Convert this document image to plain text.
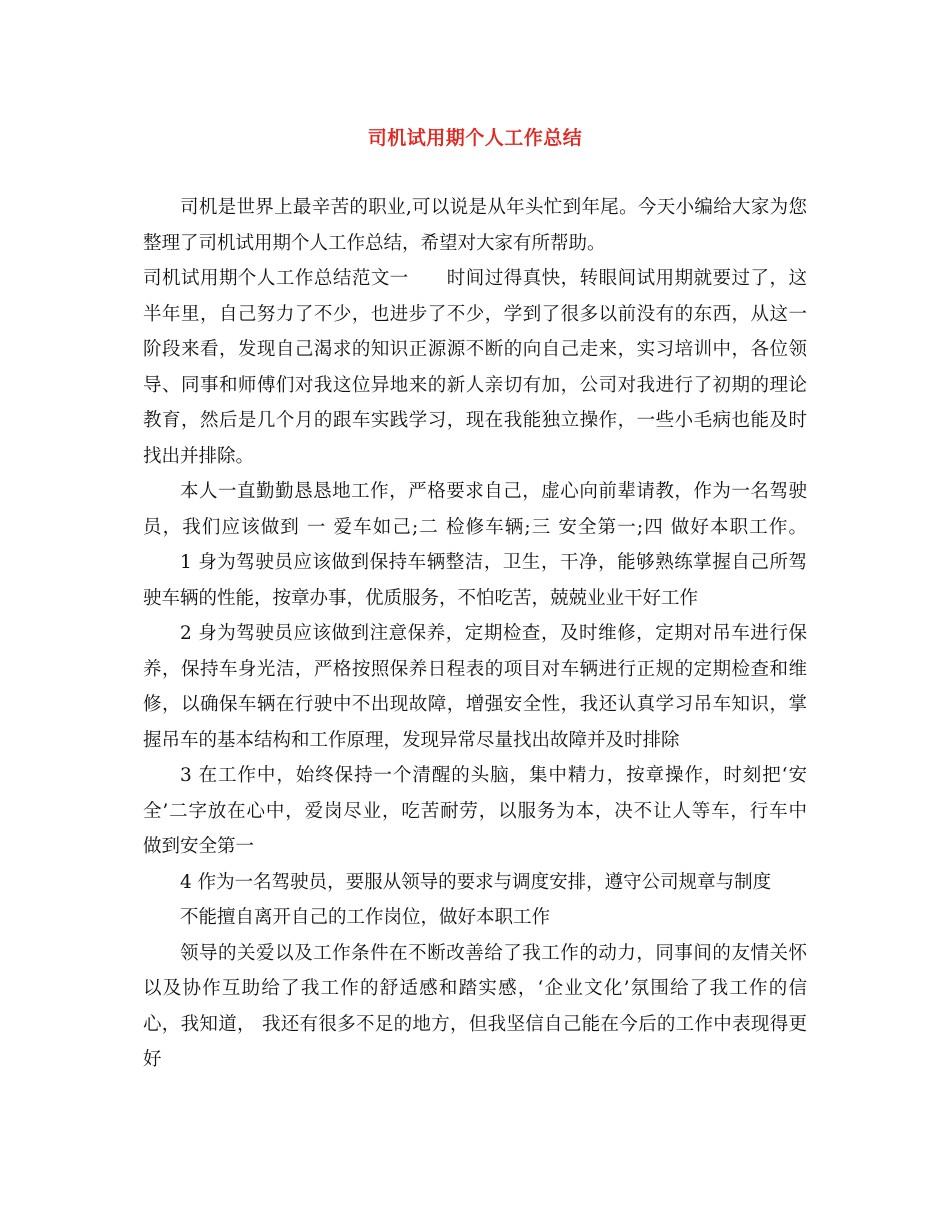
司机试用期个人工作总结
司机是世界上最辛苦的职业,可以说是从年头忙到年尾。今天小编给大家为您
整理了司机试用期个人工作总结，希望对大家有所帮助。
司机试用期个人工作总结范文一　　时间过得真快，转眼间试用期就要过了，这
半年里，自己努力了不少，也进步了不少，学到了很多以前没有的东西，从这一
阶段来看，发现自己渴求的知识正源源不断的向自己走来，实习培训中，各位领
导、同事和师傅们对我这位异地来的新人亲切有加，公司对我进行了初期的理论
教育，然后是几个月的跟车实践学习，现在我能独立操作，一些小毛病也能及时
找出并排除。
本人一直勤勤恳恳地工作，严格要求自己，虚心向前辈请教，作为一名驾驶
员，我们应该做到 一 爱车如己;二 检修车辆;三 安全第一;四 做好本职工作。
1 身为驾驶员应该做到保持车辆整洁，卫生，干净，能够熟练掌握自己所驾
驶车辆的性能，按章办事，优质服务，不怕吃苦，兢兢业业干好工作
2 身为驾驶员应该做到注意保养，定期检查，及时维修，定期对吊车进行保
养，保持车身光洁，严格按照保养日程表的项目对车辆进行正规的定期检查和维
修，以确保车辆在行驶中不出现故障，增强安全性，我还认真学习吊车知识，掌
握吊车的基本结构和工作原理，发现异常尽量找出故障并及时排除
3 在工作中，始终保持一个清醒的头脑，集中精力，按章操作，时刻把‘安
全’二字放在心中，爱岗尽业，吃苦耐劳，以服务为本，决不让人等车，行车中
做到安全第一
4 作为一名驾驶员，要服从领导的要求与调度安排，遵守公司规章与制度
不能擅自离开自己的工作岗位，做好本职工作
领导的关爱以及工作条件在不断改善给了我工作的动力，同事间的友情关怀
以及协作互助给了我工作的舒适感和踏实感，‘企业文化’氛围给了我工作的信
心，我知道， 我还有很多不足的地方，但我坚信自己能在今后的工作中表现得更
好
